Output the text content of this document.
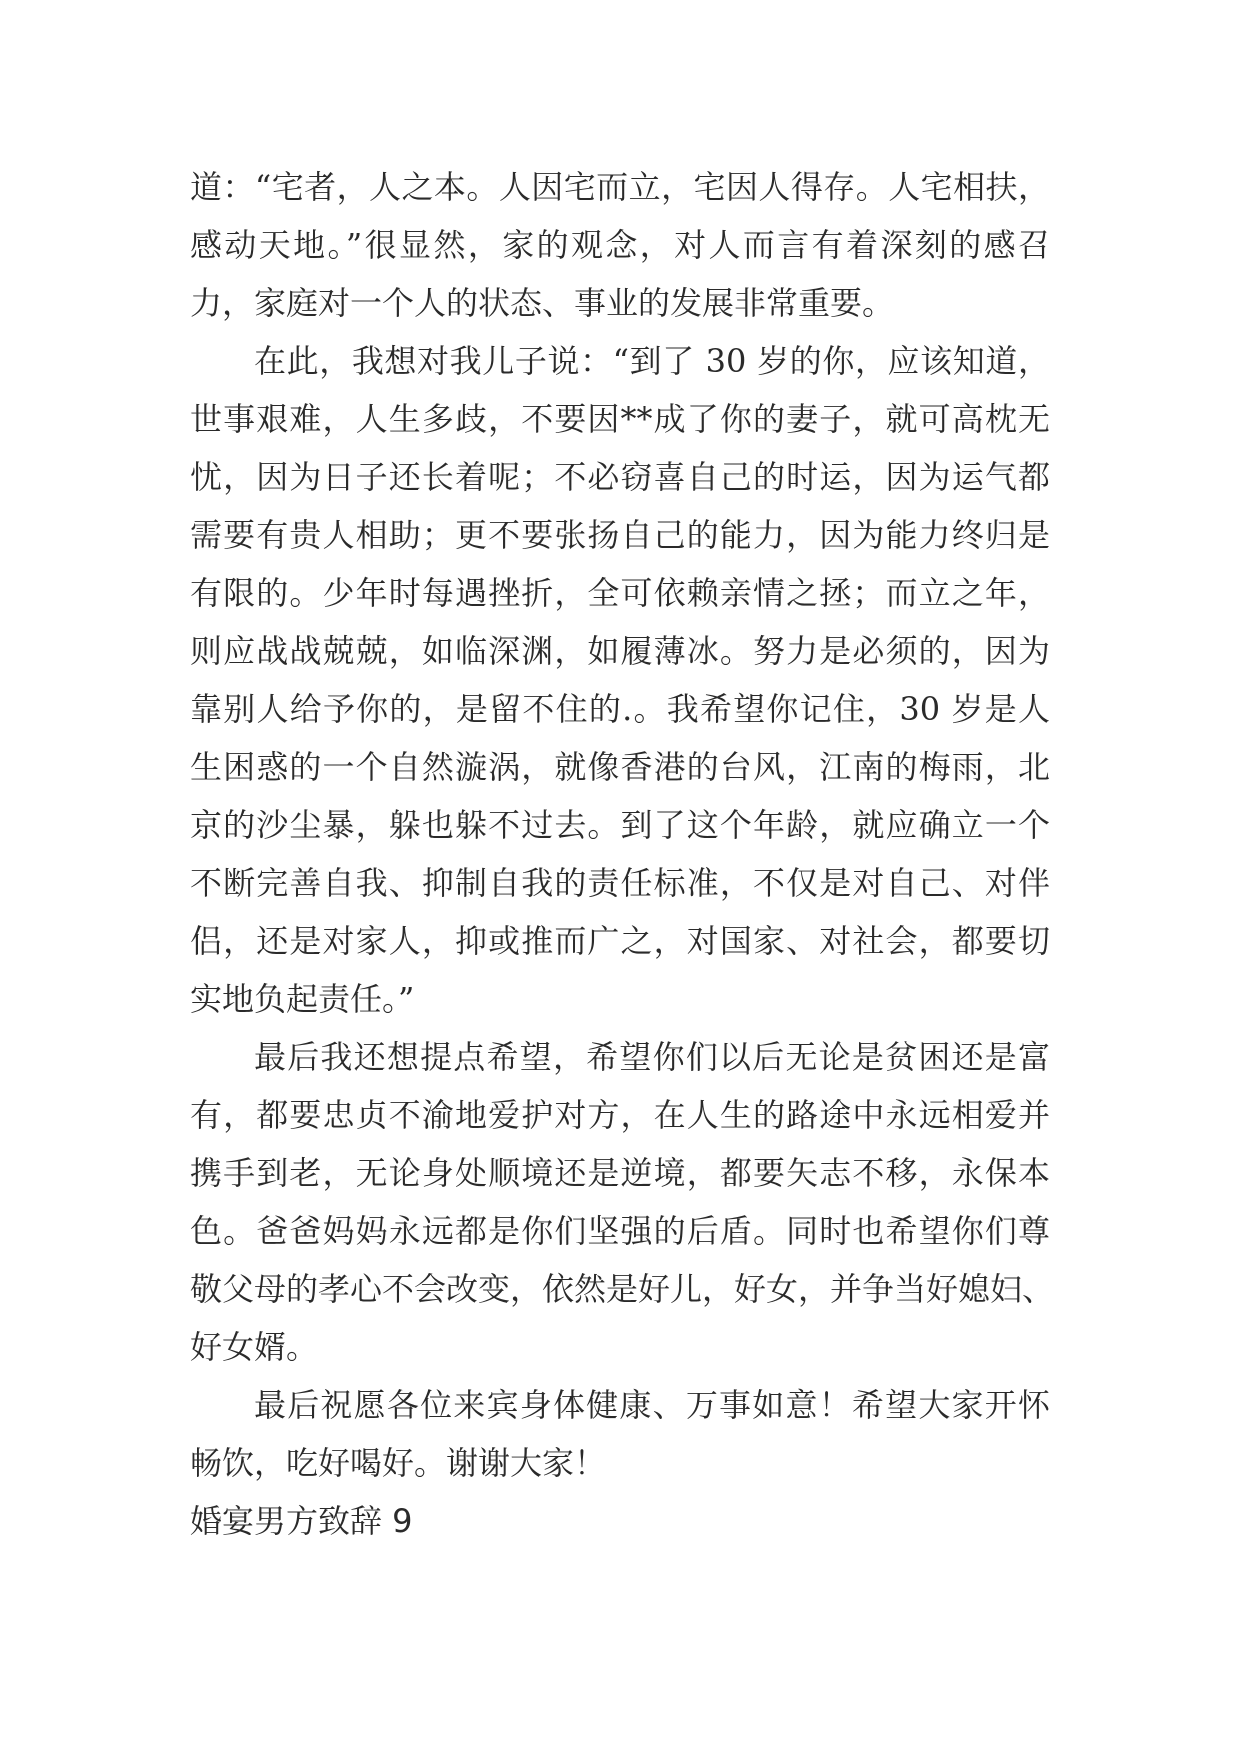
道：“宅者，人之本。人因宅而立，宅因人得存。人宅相扶，
感动天地。”很显然，家的观念，对人而言有着深刻的感召
力，家庭对一个人的状态、事业的发展非常重要。
在此，我想对我儿子说：“到了 30 岁的你，应该知道，
世事艰难，人生多歧，不要因**成了你的妻子，就可高枕无
忧，因为日子还长着呢；不必窃喜自己的时运，因为运气都
需要有贵人相助；更不要张扬自己的能力，因为能力终归是
有限的。少年时每遇挫折，全可依赖亲情之拯；而立之年，
则应战战兢兢，如临深渊，如履薄冰。努力是必须的，因为
靠别人给予你的，是留不住的.。我希望你记住，30 岁是人
生困惑的一个自然漩涡，就像香港的台风，江南的梅雨，北
京的沙尘暴，躲也躲不过去。到了这个年龄，就应确立一个
不断完善自我、抑制自我的责任标准，不仅是对自己、对伴
侣，还是对家人，抑或推而广之，对国家、对社会，都要切
实地负起责任。”
最后我还想提点希望，希望你们以后无论是贫困还是富
有，都要忠贞不渝地爱护对方，在人生的路途中永远相爱并
携手到老，无论身处顺境还是逆境，都要矢志不移，永保本
色。爸爸妈妈永远都是你们坚强的后盾。同时也希望你们尊
敬父母的孝心不会改变，依然是好儿，好女，并争当好媳妇、
好女婿。
最后祝愿各位来宾身体健康、万事如意！希望大家开怀
畅饮，吃好喝好。谢谢大家！
婚宴男方致辞 9
